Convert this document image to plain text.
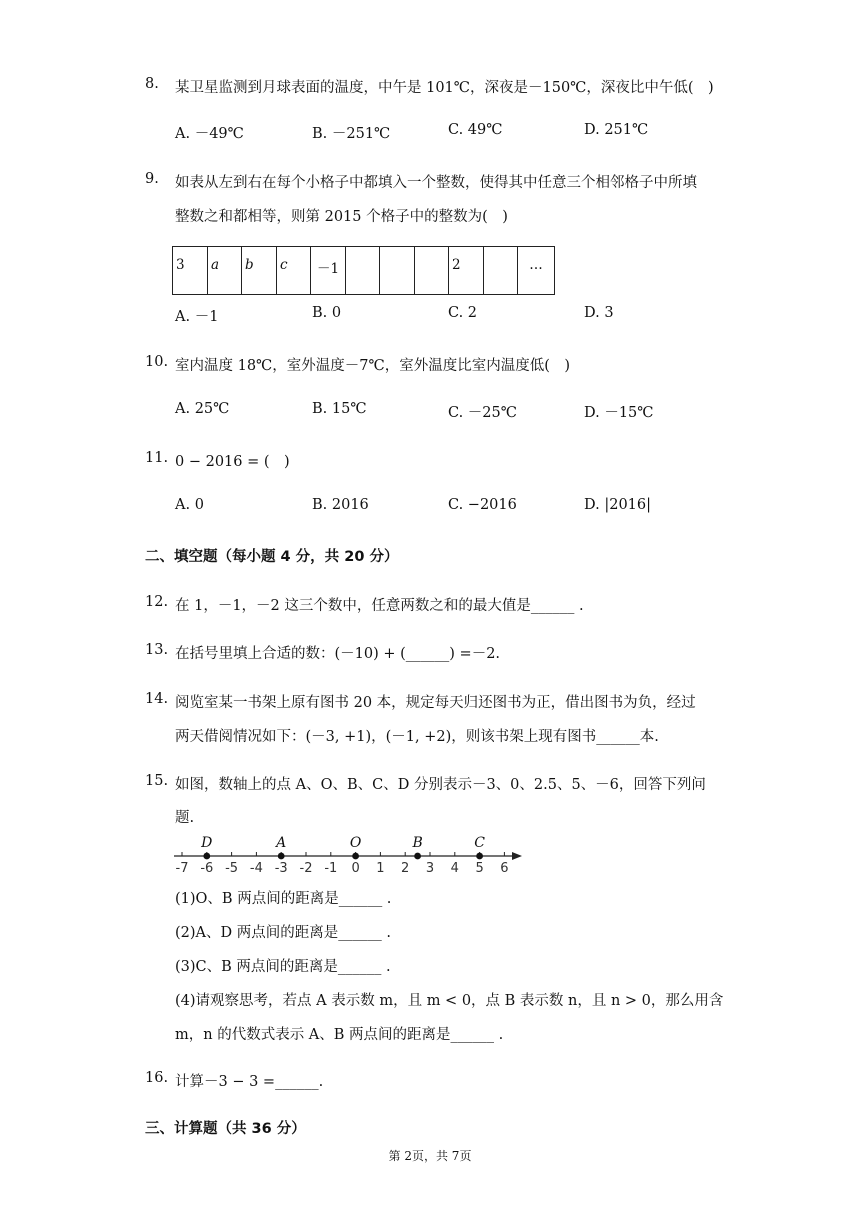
8. 某卫星监测到月球表面的温度，中午是 101℃，深夜是－150℃，深夜比中午低(　)
A. －49℃	B. －251℃	C. 49℃	D. 251℃
9. 如表从左到右在每个小格子中都填入一个整数，使得其中任意三个相邻格子中所填
整数之和都相等，则第 2015 个格子中的整数为(　)
3	a	b	c	－1				2		…
A. －1	B. 0	C. 2	D. 3
10. 室内温度 18℃，室外温度－7℃，室外温度比室内温度低(　)
A. 25℃	B. 15℃	C. －25℃	D. －15℃
11. 0 − 2016 = (　)
A. 0	B. 2016	C. −2016	D. |2016|
二、填空题（每小题 4 分，共 20 分）
12. 在 1，－1，－2 这三个数中，任意两数之和的最大值是______ .
13. 在括号里填上合适的数：(－10) + (______) =－2.
14. 阅览室某一书架上原有图书 20 本，规定每天归还图书为正，借出图书为负，经过
两天借阅情况如下：(－3, +1)，(－1, +2)，则该书架上现有图书______本.
15. 如图，数轴上的点 A、O、B、C、D 分别表示－3、0、2.5、5、－6，回答下列问
题.
-7 -6 -5 -4 -3 -2 -1 0 1 2 3 4 5 6
D	A	O	B	C
(1)O、B 两点间的距离是______ .
(2)A、D 两点间的距离是______ .
(3)C、B 两点间的距离是______ .
(4)请观察思考，若点 A 表示数 m，且 m < 0，点 B 表示数 n，且 n > 0，那么用含
m，n 的代数式表示 A、B 两点间的距离是______ .
16. 计算－3 − 3 =______.
三、计算题（共 36 分）
第 2页，共 7页
